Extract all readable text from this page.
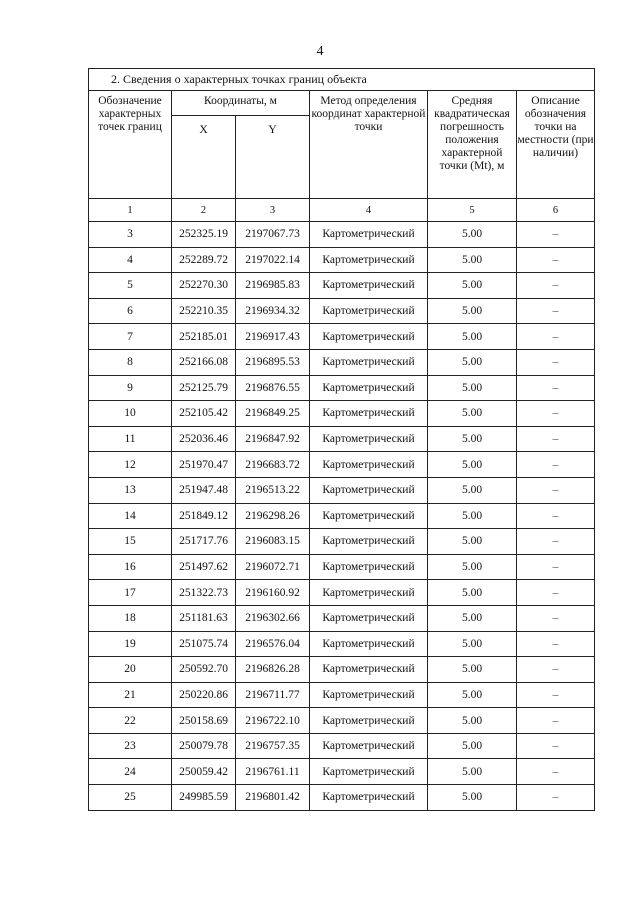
4
2. Сведения о характерных точках границ объекта					
Обозначение характерных точек границ	Координаты, м		Метод определения координат характерной точки	Средняя квадратическая погрешность положения характерной точки (Mt), м	Описание обозначения точки на местности (при наличии)
	X	Y			
1	2	3	4	5	6
3	252325.19	2197067.73	Картометрический	5.00	–
4	252289.72	2197022.14	Картометрический	5.00	–
5	252270.30	2196985.83	Картометрический	5.00	–
6	252210.35	2196934.32	Картометрический	5.00	–
7	252185.01	2196917.43	Картометрический	5.00	–
8	252166.08	2196895.53	Картометрический	5.00	–
9	252125.79	2196876.55	Картометрический	5.00	–
10	252105.42	2196849.25	Картометрический	5.00	–
11	252036.46	2196847.92	Картометрический	5.00	–
12	251970.47	2196683.72	Картометрический	5.00	–
13	251947.48	2196513.22	Картометрический	5.00	–
14	251849.12	2196298.26	Картометрический	5.00	–
15	251717.76	2196083.15	Картометрический	5.00	–
16	251497.62	2196072.71	Картометрический	5.00	–
17	251322.73	2196160.92	Картометрический	5.00	–
18	251181.63	2196302.66	Картометрический	5.00	–
19	251075.74	2196576.04	Картометрический	5.00	–
20	250592.70	2196826.28	Картометрический	5.00	–
21	250220.86	2196711.77	Картометрический	5.00	–
22	250158.69	2196722.10	Картометрический	5.00	–
23	250079.78	2196757.35	Картометрический	5.00	–
24	250059.42	2196761.11	Картометрический	5.00	–
25	249985.59	2196801.42	Картометрический	5.00	–
